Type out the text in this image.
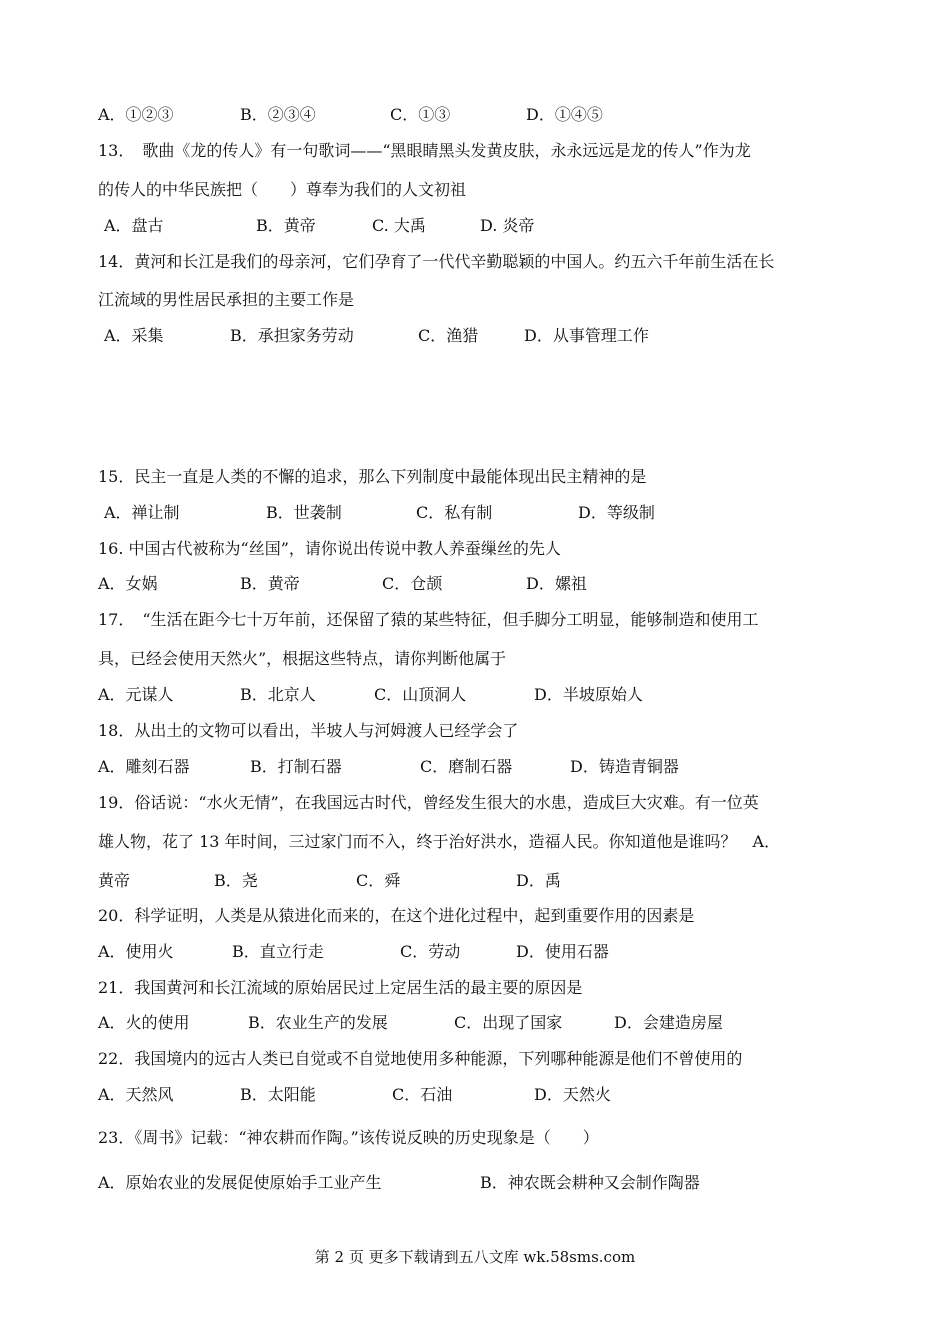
A．①②③	B．②③④	C．①③	D．①④⑤
13．　歌曲《龙的传人》有一句歌词——“黑眼睛黑头发黄皮肤，永永远远是龙的传人”作为龙
的传人的中华民族把（　　）尊奉为我们的人文初祖
A．盘古	B．黄帝	C. 大禹	D. 炎帝
14．黄河和长江是我们的母亲河，它们孕育了一代代辛勤聪颖的中国人。约五六千年前生活在长
江流域的男性居民承担的主要工作是
A．采集	B．承担家务劳动	C．渔猎	D．从事管理工作
15．民主一直是人类的不懈的追求，那么下列制度中最能体现出民主精神的是
A．禅让制	B．世袭制	C．私有制	D．等级制
16. 中国古代被称为“丝国”，请你说出传说中教人养蚕缫丝的先人
A．女娲	B．黄帝	C．仓颉	D．嫘祖
17．　“生活在距今七十万年前，还保留了猿的某些特征，但手脚分工明显，能够制造和使用工
具，已经会使用天然火”，根据这些特点，请你判断他属于
A．元谋人	B．北京人	C．山顶洞人	D．半坡原始人
18．从出土的文物可以看出，半坡人与河姆渡人已经学会了
A．雕刻石器	B．打制石器	C．磨制石器	D．铸造青铜器
19．俗话说：“水火无情”，在我国远古时代，曾经发生很大的水患，造成巨大灾难。有一位英
雄人物，花了 13 年时间，三过家门而不入，终于治好洪水，造福人民。你知道他是谁吗？　A．
黄帝	B．尧	C．舜	D．禹
20．科学证明，人类是从猿进化而来的，在这个进化过程中，起到重要作用的因素是
A．使用火	B．直立行走	C．劳动	D．使用石器
21．我国黄河和长江流域的原始居民过上定居生活的最主要的原因是
A．火的使用	B．农业生产的发展	C．出现了国家	D．会建造房屋
22．我国境内的远古人类已自觉或不自觉地使用多种能源，下列哪种能源是他们不曾使用的
A．天然风	B．太阳能	C．石油	D．天然火
23．《周书》记载：“神农耕而作陶。”该传说反映的历史现象是（　　）
A．原始农业的发展促使原始手工业产生	B．神农既会耕种又会制作陶器
第 2 页 更多下载请到五八文库 wk.58sms.com
